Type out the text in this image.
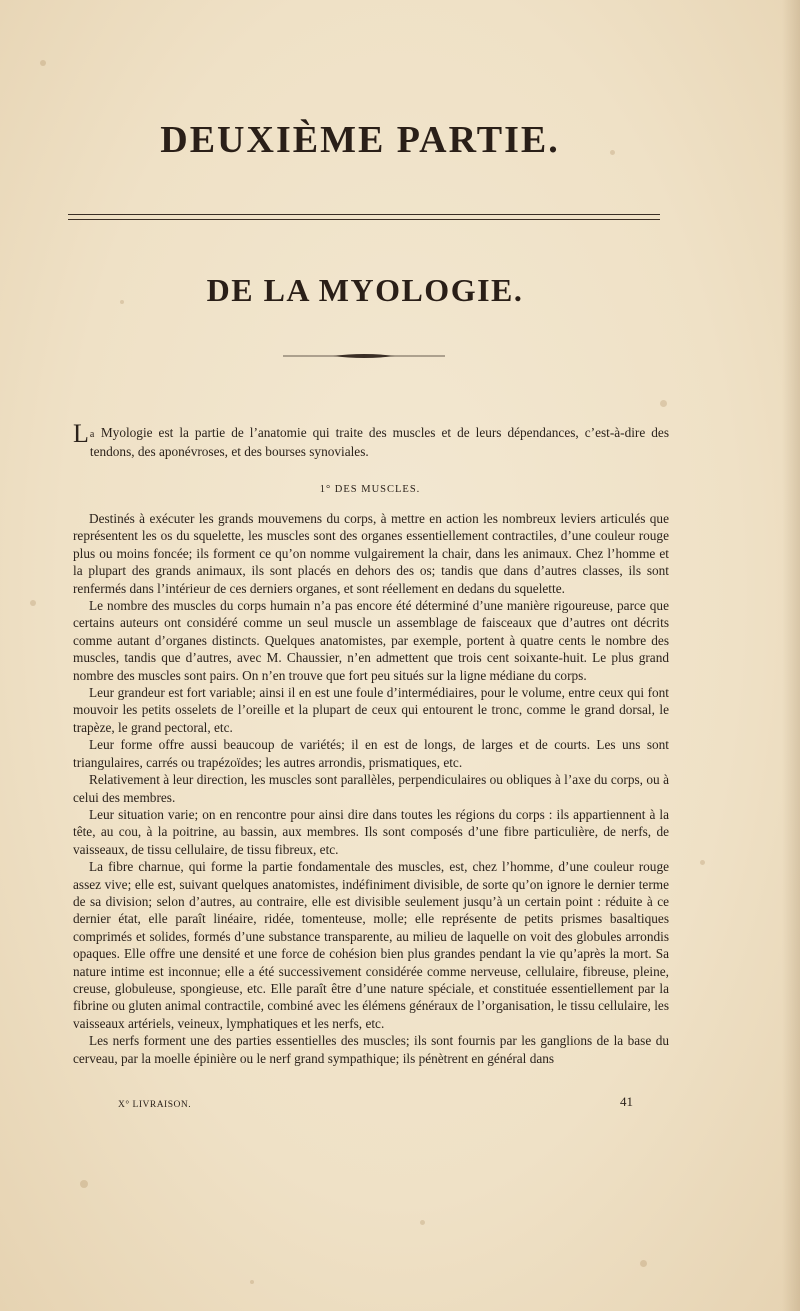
DEUXIÈME PARTIE.
DE LA MYOLOGIE.
La Myologie est la partie de l’anatomie qui traite des muscles et de leurs dépendances, c’est-à-dire des tendons, des aponévroses, et des bourses synoviales.
1° DES MUSCLES.

Destinés à exécuter les grands mouvemens du corps, à mettre en action les nombreux leviers articulés que représentent les os du squelette, les muscles sont des organes essentiellement contractiles, d’une couleur rouge plus ou moins foncée; ils forment ce qu’on nomme vulgairement la chair, dans les animaux. Chez l’homme et la plupart des grands animaux, ils sont placés en dehors des os; tandis que dans d’autres classes, ils sont renfermés dans l’intérieur de ces derniers organes, et sont réellement en dedans du squelette.

Le nombre des muscles du corps humain n’a pas encore été déterminé d’une manière rigoureuse, parce que certains auteurs ont considéré comme un seul muscle un assemblage de faisceaux que d’autres ont décrits comme autant d’organes distincts. Quelques anatomistes, par exemple, portent à quatre cents le nombre des muscles, tandis que d’autres, avec M. Chaussier, n’en admettent que trois cent soixante-huit. Le plus grand nombre des muscles sont pairs. On n’en trouve que fort peu situés sur la ligne médiane du corps.

Leur grandeur est fort variable; ainsi il en est une foule d’intermédiaires, pour le volume, entre ceux qui font mouvoir les petits osselets de l’oreille et la plupart de ceux qui entourent le tronc, comme le grand dorsal, le trapèze, le grand pectoral, etc.

Leur forme offre aussi beaucoup de variétés; il en est de longs, de larges et de courts. Les uns sont triangulaires, carrés ou trapézoïdes; les autres arrondis, prismatiques, etc.

Relativement à leur direction, les muscles sont parallèles, perpendiculaires ou obliques à l’axe du corps, ou à celui des membres.

Leur situation varie; on en rencontre pour ainsi dire dans toutes les régions du corps : ils appartiennent à la tête, au cou, à la poitrine, au bassin, aux membres. Ils sont composés d’une fibre particulière, de nerfs, de vaisseaux, de tissu cellulaire, de tissu fibreux, etc.

La fibre charnue, qui forme la partie fondamentale des muscles, est, chez l’homme, d’une couleur rouge assez vive; elle est, suivant quelques anatomistes, indéfiniment divisible, de sorte qu’on ignore le dernier terme de sa division; selon d’autres, au contraire, elle est divisible seulement jusqu’à un certain point : réduite à ce dernier état, elle paraît linéaire, ridée, tomenteuse, molle; elle représente de petits prismes basaltiques comprimés et solides, formés d’une substance transparente, au milieu de laquelle on voit des globules arrondis opaques. Elle offre une densité et une force de cohésion bien plus grandes pendant la vie qu’après la mort. Sa nature intime est inconnue; elle a été successivement considérée comme nerveuse, cellulaire, fibreuse, pleine, creuse, globuleuse, spongieuse, etc. Elle paraît être d’une nature spéciale, et constituée essentiellement par la fibrine ou gluten animal contractile, combiné avec les élémens généraux de l’organisation, le tissu cellulaire, les vaisseaux artériels, veineux, lymphatiques et les nerfs, etc.

Les nerfs forment une des parties essentielles des muscles; ils sont fournis par les ganglions de la base du cerveau, par la moelle épinière ou le nerf grand sympathique; ils pénètrent en général dans

X° LIVRAISON.	41
